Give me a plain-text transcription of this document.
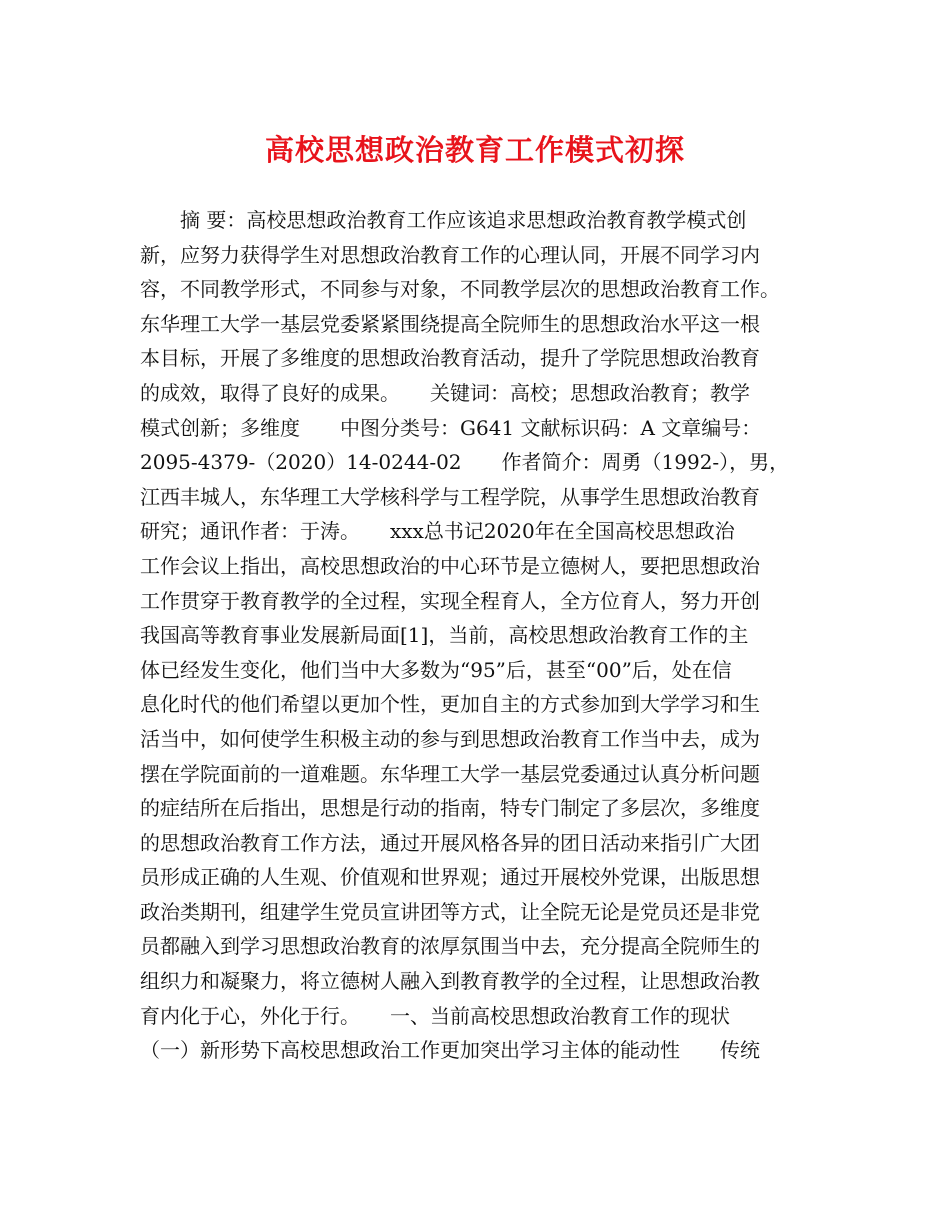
高校思想政治教育工作模式初探
　　摘 要：高校思想政治教育工作应该追求思想政治教育教学模式创
新，应努力获得学生对思想政治教育工作的心理认同，开展不同学习内
容，不同教学形式，不同参与对象，不同教学层次的思想政治教育工作。
东华理工大学一基层党委紧紧围绕提高全院师生的思想政治水平这一根
本目标，开展了多维度的思想政治教育活动，提升了学院思想政治教育
的成效，取得了良好的成果。　　关键词：高校；思想政治教育；教学
模式创新；多维度　　中图分类号：G641 文献标识码：A 文章编号：
2095-4379-（2020）14-0244-02　　作者简介：周勇（1992-），男，
江西丰城人，东华理工大学核科学与工程学院，从事学生思想政治教育
研究；通讯作者：于涛。　　xxx总书记2020年在全国高校思想政治
工作会议上指出，高校思想政治的中心环节是立德树人，要把思想政治
工作贯穿于教育教学的全过程，实现全程育人，全方位育人，努力开创
我国高等教育事业发展新局面[1]，当前，高校思想政治教育工作的主
体已经发生变化，他们当中大多数为“95”后，甚至“00”后，处在信
息化时代的他们希望以更加个性，更加自主的方式参加到大学学习和生
活当中，如何使学生积极主动的参与到思想政治教育工作当中去，成为
摆在学院面前的一道难题。东华理工大学一基层党委通过认真分析问题
的症结所在后指出，思想是行动的指南，特专门制定了多层次，多维度
的思想政治教育工作方法，通过开展风格各异的团日活动来指引广大团
员形成正确的人生观、价值观和世界观；通过开展校外党课，出版思想
政治类期刊，组建学生党员宣讲团等方式，让全院无论是党员还是非党
员都融入到学习思想政治教育的浓厚氛围当中去，充分提高全院师生的
组织力和凝聚力，将立德树人融入到教育教学的全过程，让思想政治教
育内化于心，外化于行。　　一、当前高校思想政治教育工作的现状
（一）新形势下高校思想政治工作更加突出学习主体的能动性　　传统
